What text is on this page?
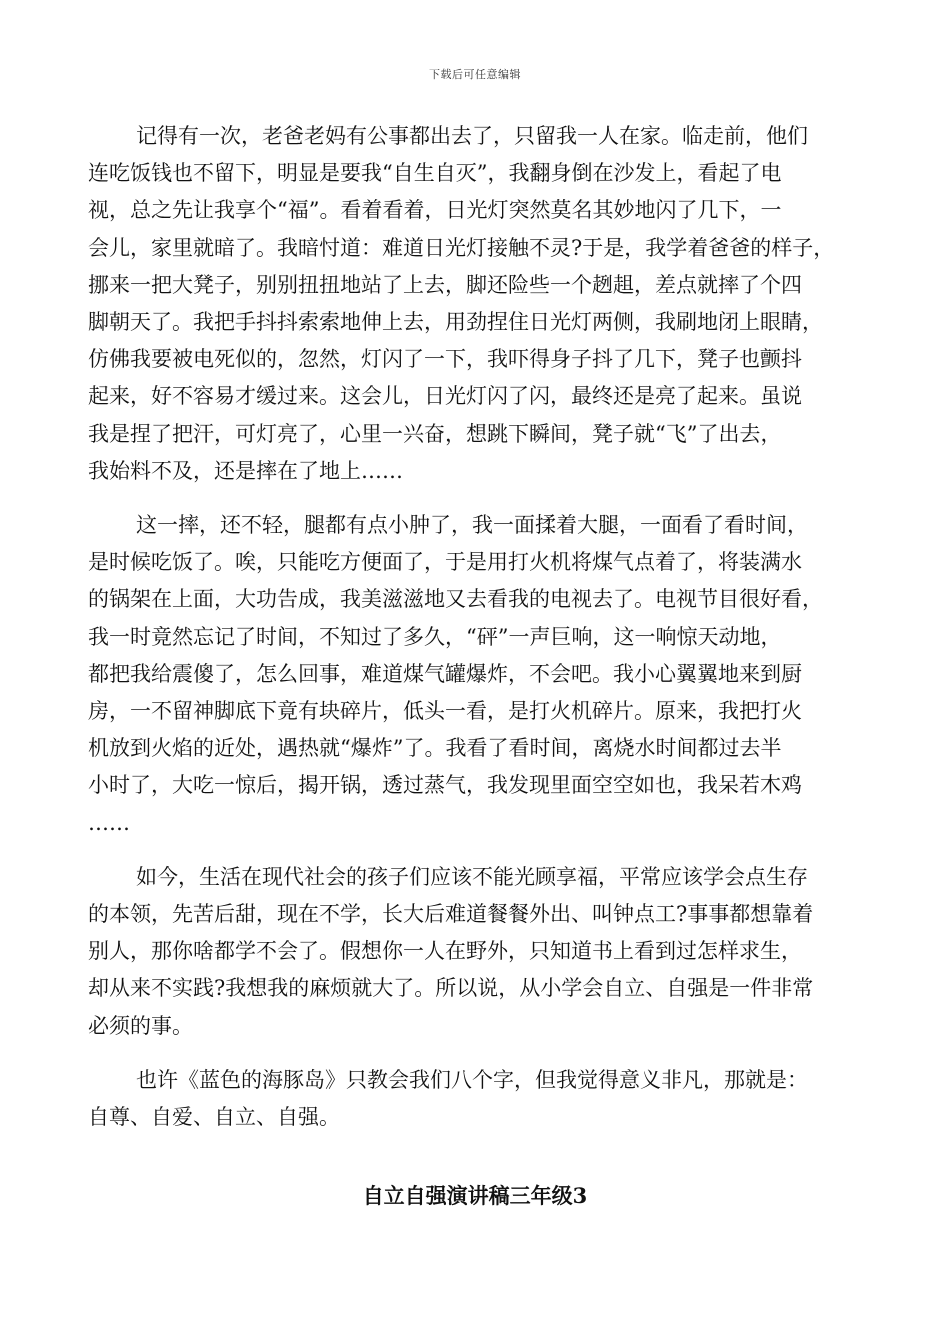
下载后可任意编辑

记得有一次，老爸老妈有公事都出去了，只留我一人在家。临走前，他们
连吃饭钱也不留下，明显是要我“自生自灭”，我翻身倒在沙发上，看起了电
视，总之先让我享个“福”。看着看着，日光灯突然莫名其妙地闪了几下，一
会儿，家里就暗了。我暗忖道：难道日光灯接触不灵?于是，我学着爸爸的样子，
挪来一把大凳子，别别扭扭地站了上去，脚还险些一个趔趄，差点就摔了个四
脚朝天了。我把手抖抖索索地伸上去，用劲捏住日光灯两侧，我刷地闭上眼睛，
仿佛我要被电死似的，忽然，灯闪了一下，我吓得身子抖了几下，凳子也颤抖
起来，好不容易才缓过来。这会儿，日光灯闪了闪，最终还是亮了起来。虽说
我是捏了把汗，可灯亮了，心里一兴奋，想跳下瞬间，凳子就“飞”了出去，
我始料不及，还是摔在了地上……

这一摔，还不轻，腿都有点小肿了，我一面揉着大腿，一面看了看时间，
是时候吃饭了。唉，只能吃方便面了，于是用打火机将煤气点着了，将装满水
的锅架在上面，大功告成，我美滋滋地又去看我的电视去了。电视节目很好看，
我一时竟然忘记了时间，不知过了多久，“砰”一声巨响，这一响惊天动地，
都把我给震傻了，怎么回事，难道煤气罐爆炸，不会吧。我小心翼翼地来到厨
房，一不留神脚底下竟有块碎片，低头一看，是打火机碎片。原来，我把打火
机放到火焰的近处，遇热就“爆炸”了。我看了看时间，离烧水时间都过去半
小时了，大吃一惊后，揭开锅，透过蒸气，我发现里面空空如也，我呆若木鸡
……

如今，生活在现代社会的孩子们应该不能光顾享福，平常应该学会点生存
的本领，先苦后甜，现在不学，长大后难道餐餐外出、叫钟点工?事事都想靠着
别人，那你啥都学不会了。假想你一人在野外，只知道书上看到过怎样求生，
却从来不实践?我想我的麻烦就大了。所以说，从小学会自立、自强是一件非常
必须的事。

也许《蓝色的海豚岛》只教会我们八个字，但我觉得意义非凡，那就是：
自尊、自爱、自立、自强。

自立自强演讲稿三年级3
